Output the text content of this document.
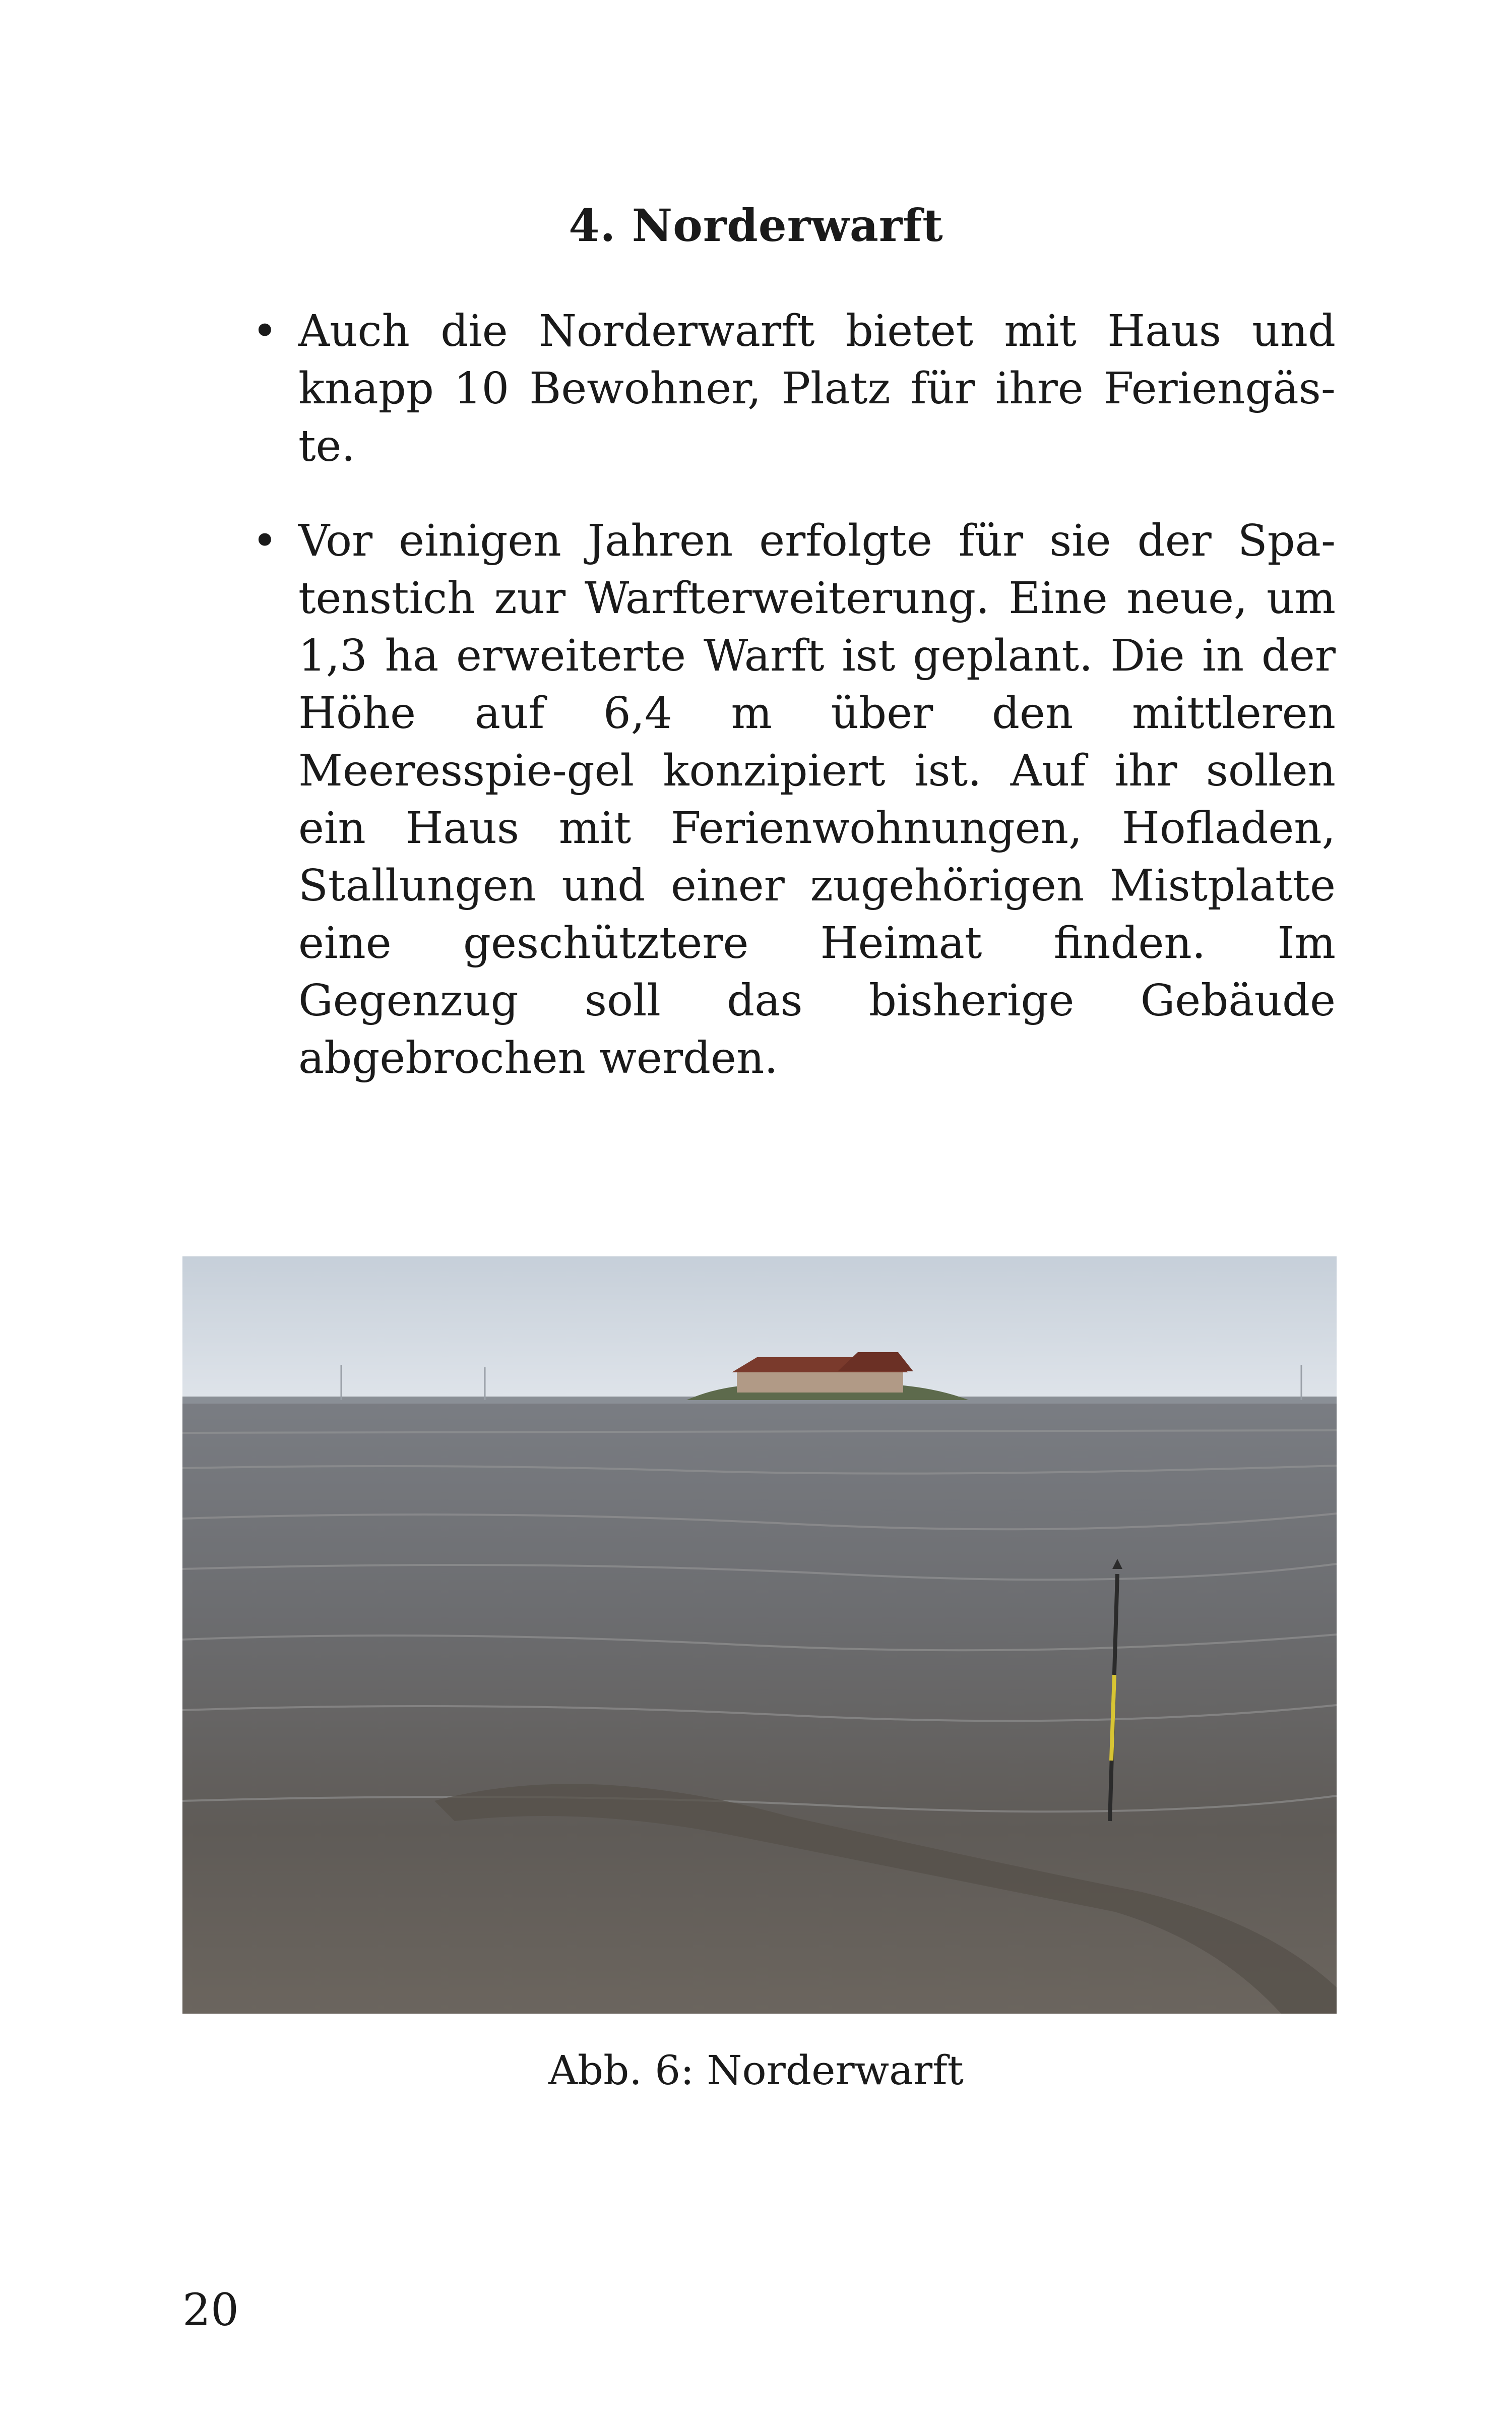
4. Norderwarft
• Auch die Norderwarft bietet mit Haus und knapp 10 Bewohner, Platz für ihre Feriengäs-te.
• Vor einigen Jahren erfolgte für sie der Spa-tenstich zur Warfterweiterung. Eine neue, um 1,3 ha erweiterte Warft ist geplant. Die in der Höhe auf 6,4 m über den mittleren Meeresspie-gel konzipiert ist. Auf ihr sollen ein Haus mit Ferienwohnungen, Hofladen, Stallungen und einer zugehörigen Mistplatte eine geschütztere Heimat finden. Im Gegenzug soll das bisherige Gebäude abgebrochen werden.
Abb. 6: Norderwarft
20
